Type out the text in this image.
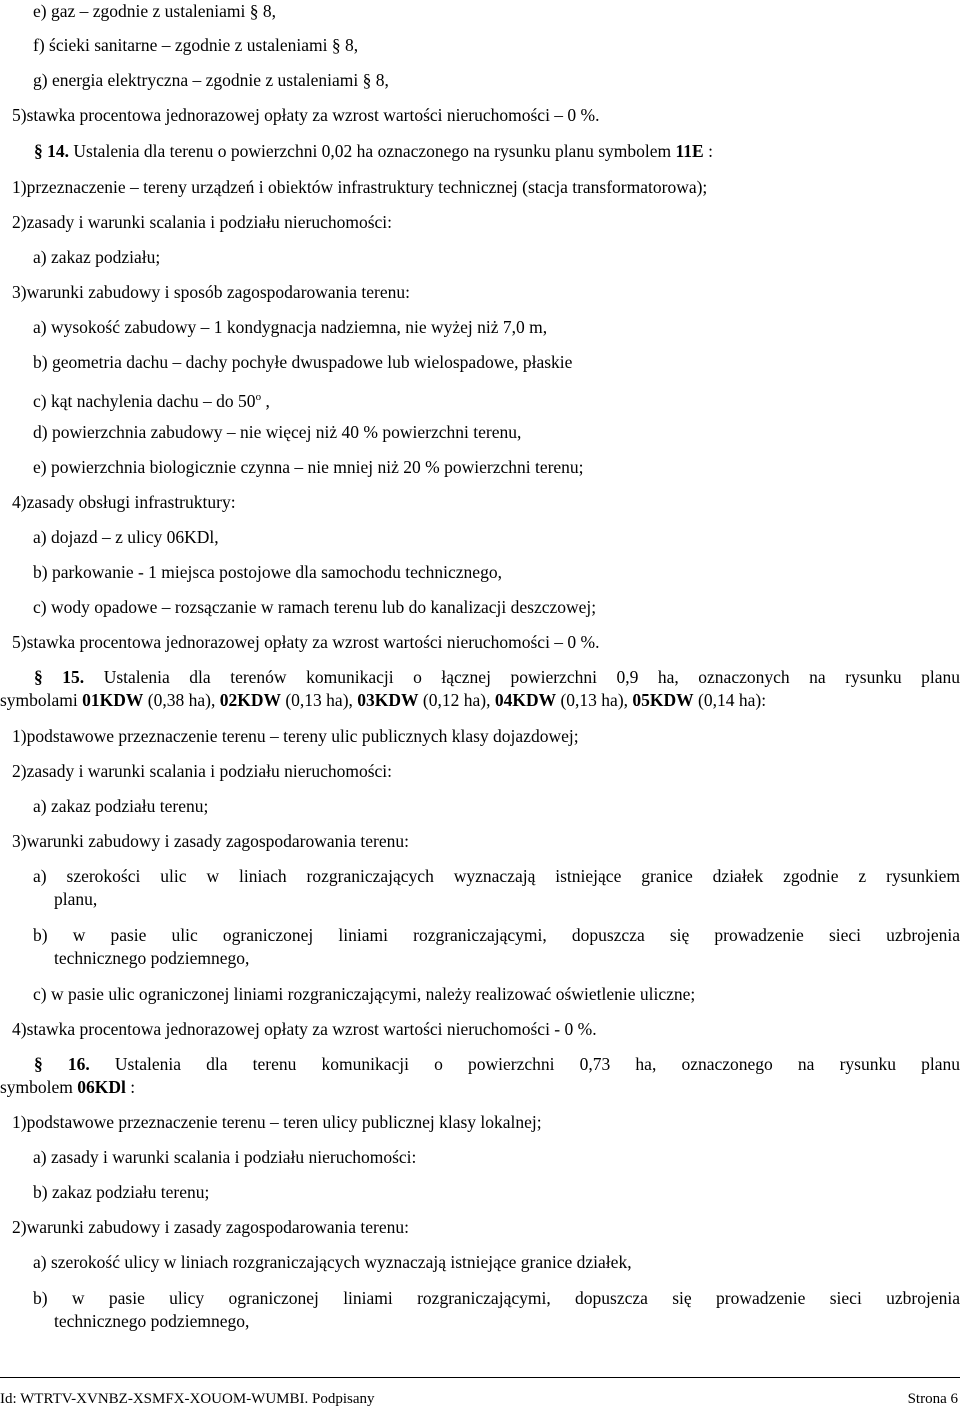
e) gaz – zgodnie z ustaleniami § 8,
f) ścieki sanitarne – zgodnie z ustaleniami § 8,
g) energia elektryczna – zgodnie z ustaleniami § 8,
5)stawka procentowa jednorazowej opłaty za wzrost wartości nieruchomości – 0 %.
§ 14. Ustalenia dla terenu o powierzchni 0,02 ha oznaczonego na rysunku planu symbolem 11E :
1)przeznaczenie – tereny urządzeń i obiektów infrastruktury technicznej (stacja transformatorowa);
2)zasady i warunki scalania i podziału nieruchomości:
a) zakaz podziału;
3)warunki zabudowy i sposób zagospodarowania terenu:
a) wysokość zabudowy – 1 kondygnacja nadziemna, nie wyżej niż 7,0 m,
b) geometria dachu – dachy pochyłe dwuspadowe lub wielospadowe, płaskie
c) kąt nachylenia dachu – do 50$^o$ ,
d) powierzchnia zabudowy – nie więcej niż 40 % powierzchni terenu,
e) powierzchnia biologicznie czynna – nie mniej niż 20 % powierzchni terenu;
4)zasady obsługi infrastruktury:
a) dojazd – z ulicy 06KDl,
b) parkowanie - 1 miejsca postojowe dla samochodu technicznego,
c) wody opadowe – rozsączanie w ramach terenu lub do kanalizacji deszczowej;
5)stawka procentowa jednorazowej opłaty za wzrost wartości nieruchomości – 0 %.
§ 15. Ustalenia dla terenów komunikacji o łącznej powierzchni 0,9 ha, oznaczonych na rysunku planu
symbolami 01KDW (0,38 ha), 02KDW (0,13 ha), 03KDW (0,12 ha), 04KDW (0,13 ha), 05KDW (0,14 ha):
1)podstawowe przeznaczenie terenu – tereny ulic publicznych klasy dojazdowej;
2)zasady i warunki scalania i podziału nieruchomości:
a) zakaz podziału terenu;
3)warunki zabudowy i zasady zagospodarowania terenu:
a) szerokości ulic w liniach rozgraniczających wyznaczają istniejące granice działek zgodnie z rysunkiem
planu,
b) w pasie ulic ograniczonej liniami rozgraniczającymi, dopuszcza się prowadzenie sieci uzbrojenia
technicznego podziemnego,
c) w pasie ulic ograniczonej liniami rozgraniczającymi, należy realizować oświetlenie uliczne;
4)stawka procentowa jednorazowej opłaty za wzrost wartości nieruchomości - 0 %.
§ 16. Ustalenia dla terenu komunikacji o powierzchni 0,73 ha, oznaczonego na rysunku planu
symbolem 06KDl :
1)podstawowe przeznaczenie terenu – teren ulicy publicznej klasy lokalnej;
a) zasady i warunki scalania i podziału nieruchomości:
b) zakaz podziału terenu;
2)warunki zabudowy i zasady zagospodarowania terenu:
a) szerokość ulicy w liniach rozgraniczających wyznaczają istniejące granice działek,
b) w pasie ulicy ograniczonej liniami rozgraniczającymi, dopuszcza się prowadzenie sieci uzbrojenia
technicznego podziemnego,
Id: WTRTV-XVNBZ-XSMFX-XOUOM-WUMBI. Podpisany	Strona 6
